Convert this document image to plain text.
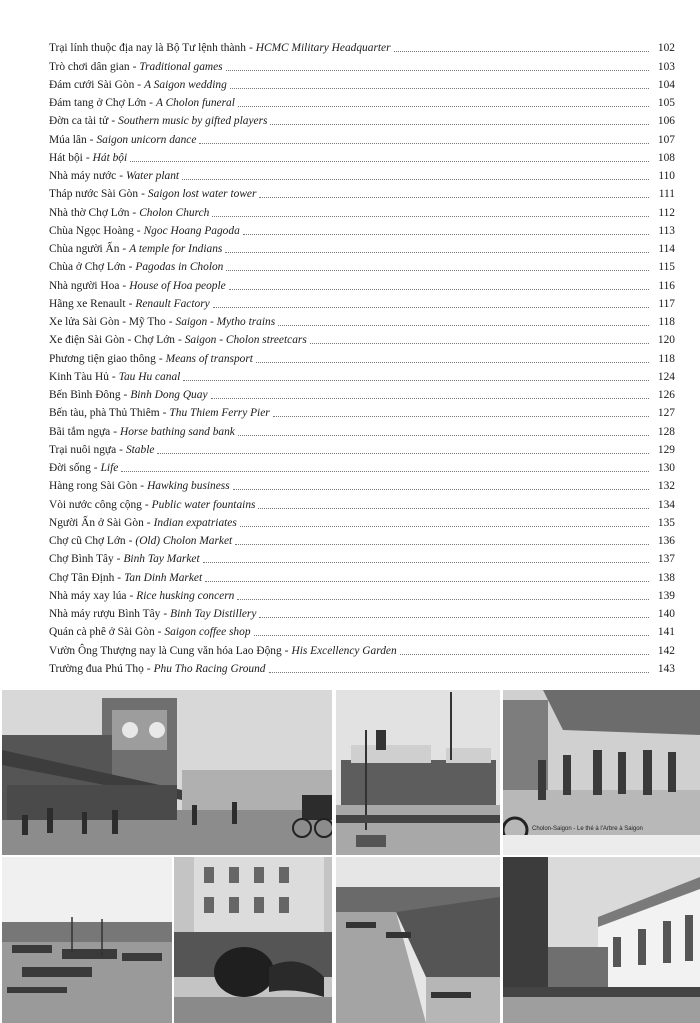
Trại lính thuộc địa nay là Bộ Tư lệnh thành - HCMC Military Headquarter	102
Trò chơi dân gian - Traditional games	103
Đám cưới Sài Gòn - A Saigon wedding	104
Đám tang ở Chợ Lớn - A Cholon funeral	105
Đờn ca tài tử - Southern music by gifted players	106
Múa lân - Saigon unicorn dance	107
Hát bội - Hát bội	108
Nhà máy nước - Water plant	110
Tháp nước Sài Gòn - Saigon lost water tower	111
Nhà thờ Chợ Lớn - Cholon Church	112
Chùa Ngọc Hoàng - Ngoc Hoang Pagoda	113
Chùa người Ấn - A temple for Indians	114
Chùa ở Chợ Lớn - Pagodas in Cholon	115
Nhà người Hoa - House of Hoa people	116
Hãng xe Renault - Renault Factory	117
Xe lửa Sài Gòn - Mỹ Tho - Saigon - Mytho trains	118
Xe điện Sài Gòn - Chợ Lớn - Saigon - Cholon streetcars	120
Phương tiện giao thông - Means of transport	118
Kinh Tàu Hủ - Tau Hu canal	124
Bến Bình Đông - Binh Dong Quay	126
Bến tàu, phà Thủ Thiêm - Thu Thiem Ferry Pier	127
Bãi tắm ngựa - Horse bathing sand bank	128
Trại nuôi ngựa - Stable	129
Đời sống - Life	130
Hàng rong Sài Gòn - Hawking business	132
Vòi nước công cộng - Public water fountains	134
Người Ấn ở Sài Gòn - Indian expatriates	135
Chợ cũ Chợ Lớn - (Old) Cholon Market	136
Chợ Bình Tây - Binh Tay Market	137
Chợ Tân Định - Tan Dinh Market	138
Nhà máy xay lúa - Rice husking concern	139
Nhà máy rượu Bình Tây - Binh Tay Distillery	140
Quán cà phê ở Sài Gòn - Saigon coffee shop	141
Vườn Ông Thượng nay là Cung văn hóa Lao Động - His Excellency Garden	142
Trường đua Phú Thọ - Phu Tho Racing Ground	143
Cholon-Saigon - Le thé à l'Arbre à Saigon
